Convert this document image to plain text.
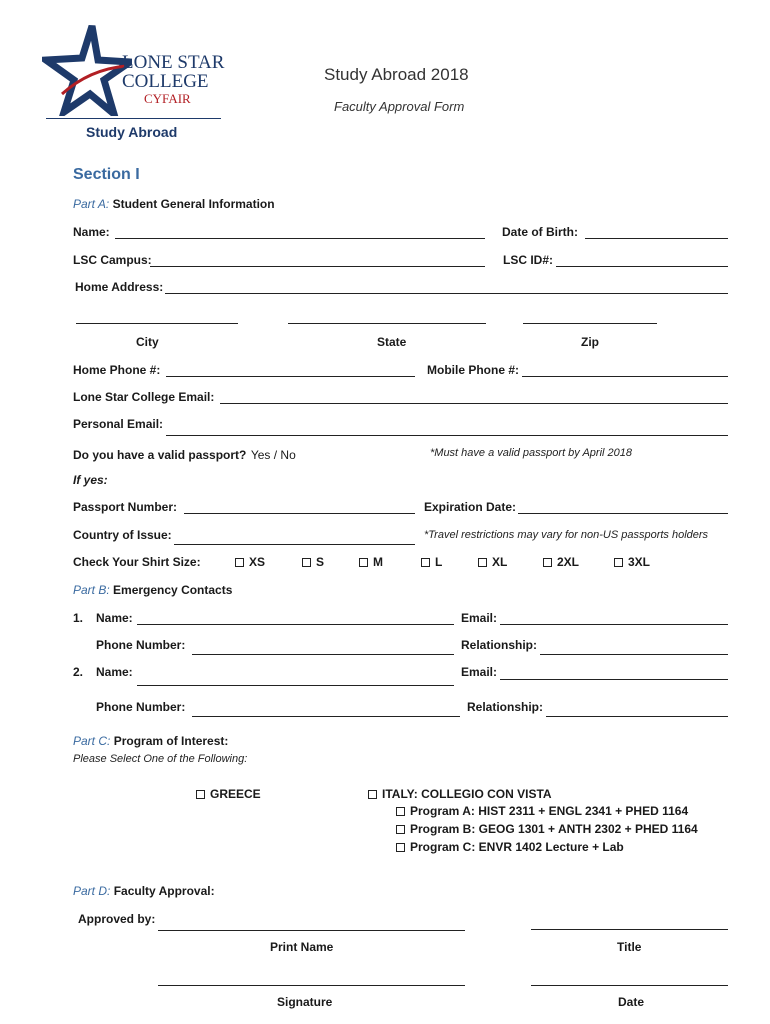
LONE STAR
COLLEGE
CYFAIR
Study Abroad
Study Abroad 2018
Faculty Approval Form
Section I
Part A: Student General Information
Name:	Date of Birth:
LSC Campus:	LSC ID#:
Home Address:
City	State	Zip
Home Phone #:	Mobile Phone #:
Lone Star College Email:
Personal Email:
Do you have a valid passport? Yes / No	*Must have a valid passport by April 2018
If yes:
Passport Number:	Expiration Date:
Country of Issue:	*Travel restrictions may vary for non-US passports holders
Check Your Shirt Size:	XS	S	M	L	XL	2XL	3XL
Part B: Emergency Contacts
1. Name:	Email:
Phone Number:	Relationship:
2. Name:	Email:
Phone Number:	Relationship:
Part C: Program of Interest:
Please Select One of the Following:
GREECE	ITALY: COLLEGIO CON VISTA
Program A: HIST 2311 + ENGL 2341 + PHED 1164
Program B: GEOG 1301 + ANTH 2302 + PHED 1164
Program C: ENVR 1402 Lecture + Lab
Part D: Faculty Approval:
Approved by:
Print Name	Title
Signature	Date
